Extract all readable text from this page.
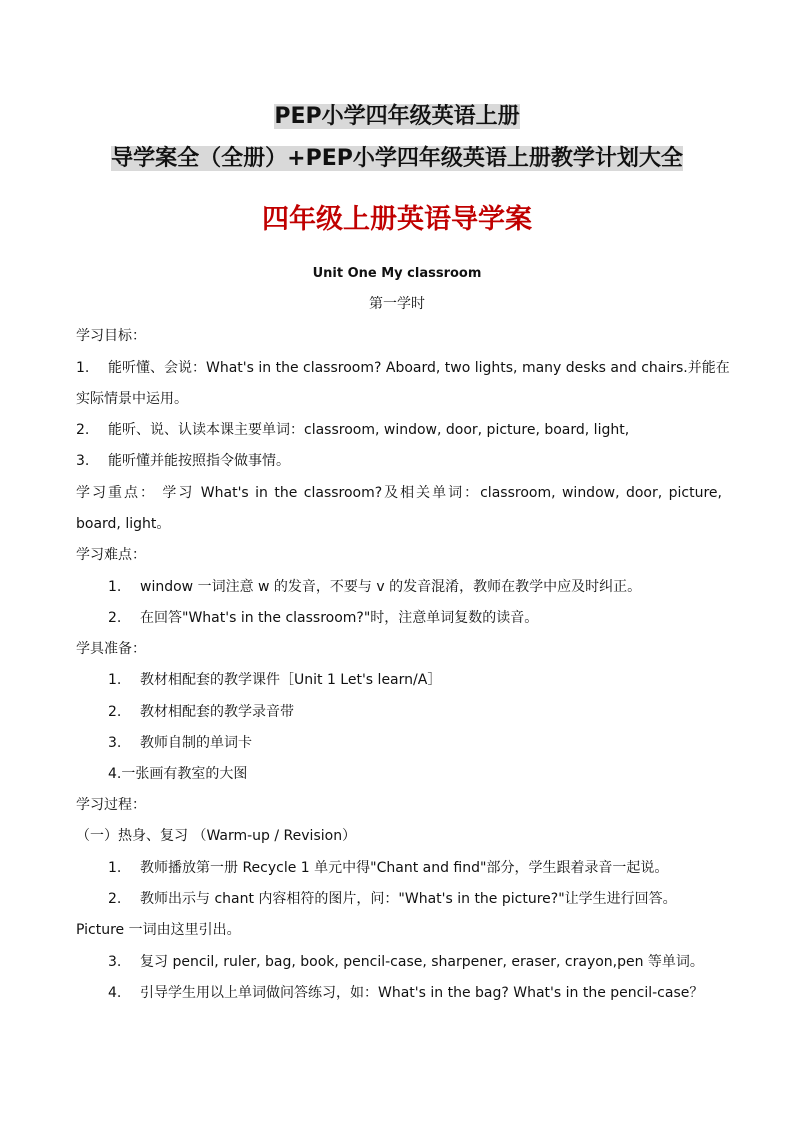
PEP小学四年级英语上册
导学案全（全册）+PEP小学四年级英语上册教学计划大全
四年级上册英语导学案
Unit One My classroom
第一学时
学习目标：
1. 能听懂、会说：What's in the classroom? Aboard, two lights, many desks and chairs.并能在
实际情景中运用。
2. 能听、说、认读本课主要单词：classroom, window, door, picture, board, light,
3. 能听懂并能按照指令做事情。
学习重点： 学习 What's in the classroom?及相关单词：classroom, window, door, picture,
board, light。
学习难点：
1. window 一词注意 w 的发音，不要与 v 的发音混淆，教师在教学中应及时纠正。
2. 在回答"What's in the classroom?"时，注意单词复数的读音。
学具准备：
1. 教材相配套的教学课件［Unit 1 Let's learn/A］
2. 教材相配套的教学录音带
3. 教师自制的单词卡
4.一张画有教室的大图
学习过程：
（一）热身、复习 （Warm-up / Revision）
1. 教师播放第一册 Recycle 1 单元中得"Chant and find"部分，学生跟着录音一起说。
2. 教师出示与 chant 内容相符的图片，问："What's in the picture?"让学生进行回答。
Picture 一词由这里引出。
3. 复习 pencil, ruler, bag, book, pencil-case, sharpener, eraser, crayon,pen 等单词。
4. 引导学生用以上单词做问答练习，如：What's in the bag? What's in the pencil-case？
